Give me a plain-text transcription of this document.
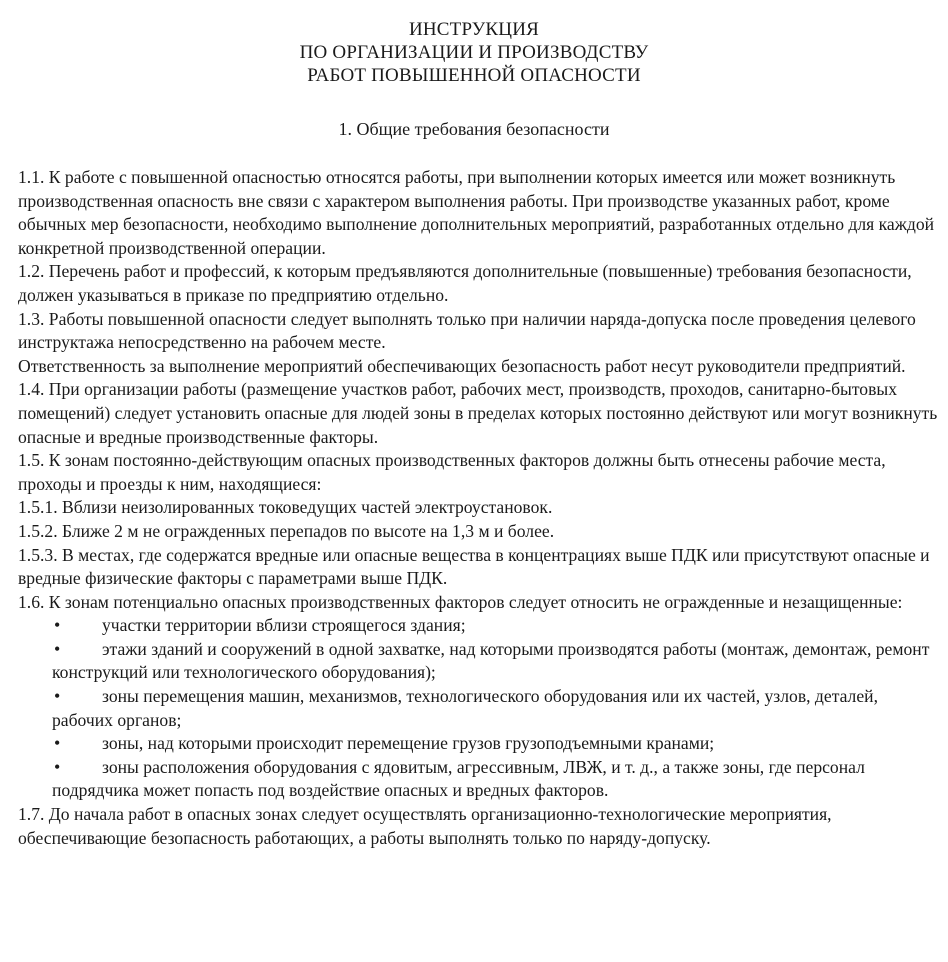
ИНСТРУКЦИЯ
ПО ОРГАНИЗАЦИИ И ПРОИЗВОДСТВУ
РАБОТ ПОВЫШЕННОЙ ОПАСНОСТИ
1. Общие требования безопасности

1.1. К работе с повышенной опасностью относятся работы, при выполнении которых имеется или может возникнуть производственная опасность вне связи с характером выполнения работы. При производстве указанных работ, кроме обычных мер безопасности, необходимо выполнение дополнительных мероприятий, разработанных отдельно для каждой конкретной производственной операции.

1.2. Перечень работ и профессий, к которым предъявляются дополнительные (повышенные) требования безопасности, должен указываться в приказе по предприятию отдельно.

1.3. Работы повышенной опасности следует выполнять только при наличии наряда-допуска после проведения целевого инструктажа непосредственно на рабочем месте.

Ответственность за выполнение мероприятий обеспечивающих безопасность работ несут руководители предприятий.

1.4. При организации работы (размещение участков работ, рабочих мест, производств, проходов, санитарно-бытовых помещений) следует установить опасные для людей зоны в пределах которых постоянно действуют или могут возникнуть опасные и вредные производственные факторы.

1.5. К зонам постоянно-действующим опасных производственных факторов должны быть отнесены рабочие места, проходы и проезды к ним, находящиеся:

1.5.1. Вблизи неизолированных токоведущих частей электроустановок.

1.5.2. Ближе 2 м не огражденных перепадов по высоте на 1,3 м и более.

1.5.3. В местах, где содержатся вредные или опасные вещества в концентрациях выше ПДК или присутствуют опасные и вредные физические факторы с параметрами выше ПДК.

1.6. К зонам потенциально опасных производственных факторов следует относить не огражденные и незащищенные:

•	участки территории вблизи строящегося здания;
•	этажи зданий и сооружений в одной захватке, над которыми производятся работы (монтаж, демонтаж, ремонт конструкций или технологического оборудования);
•	зоны перемещения машин, механизмов, технологического оборудования или их частей, узлов, деталей, рабочих органов;
•	зоны, над которыми происходит перемещение грузов грузоподъемными кранами;
•	зоны расположения оборудования с ядовитым, агрессивным, ЛВЖ, и т. д., а также зоны, где персонал подрядчика может попасть под воздействие опасных и вредных факторов.

1.7. До начала работ в опасных зонах следует осуществлять организационно-технологические мероприятия, обеспечивающие безопасность работающих, а работы выполнять только по наряду-допуску.
